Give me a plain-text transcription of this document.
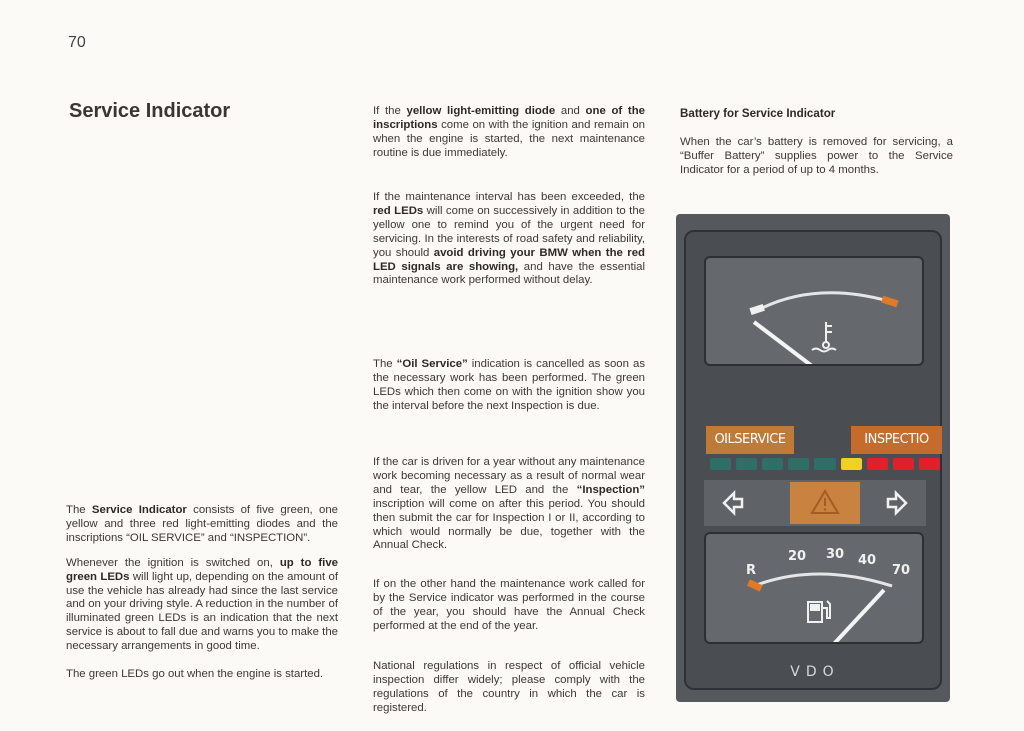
70
Service Indicator

The Service Indicator consists of five green, one yellow and three red light-emitting diodes and the inscriptions “OIL SERVICE” and “INSPECTION”.

Whenever the ignition is switched on, up to five green LEDs will light up, depending on the amount of use the vehicle has already had since the last service and on your driving style. A reduction in the number of illuminated green LEDs is an indication that the next service is about to fall due and warns you to make the necessary arrangements in good time.

The green LEDs go out when the engine is started.

If the yellow light-emitting diode and one of the inscriptions come on with the ignition and remain on when the engine is started, the next maintenance routine is due immediately.

If the maintenance interval has been exceeded, the red LEDs will come on successively in addition to the yellow one to remind you of the urgent need for servicing. In the interests of road safety and reliability, you should avoid driving your BMW when the red LED signals are showing, and have the essential maintenance work performed without delay.

The “Oil Service” indication is cancelled as soon as the necessary work has been performed. The green LEDs which then come on with the ignition show you the interval before the next Inspection is due.

If the car is driven for a year without any maintenance work becoming necessary as a result of normal wear and tear, the yellow LED and the “Inspection” inscription will come on after this period. You should then submit the car for Inspection I or II, according to which would normally be due, together with the Annual Check.

If on the other hand the maintenance work called for by the Service indicator was performed in the course of the year, you should have the Annual Check performed at the end of the year.

National regulations in respect of official vehicle inspection differ widely; please comply with the regulations of the country in which the car is registered.

Battery for Service Indicator

When the car’s battery is removed for servicing, a “Buffer Battery” supplies power to the Service Indicator for a period of up to 4 months.

OILSERVICE	INSPECTIO
R
20 30 40
70
VDO
